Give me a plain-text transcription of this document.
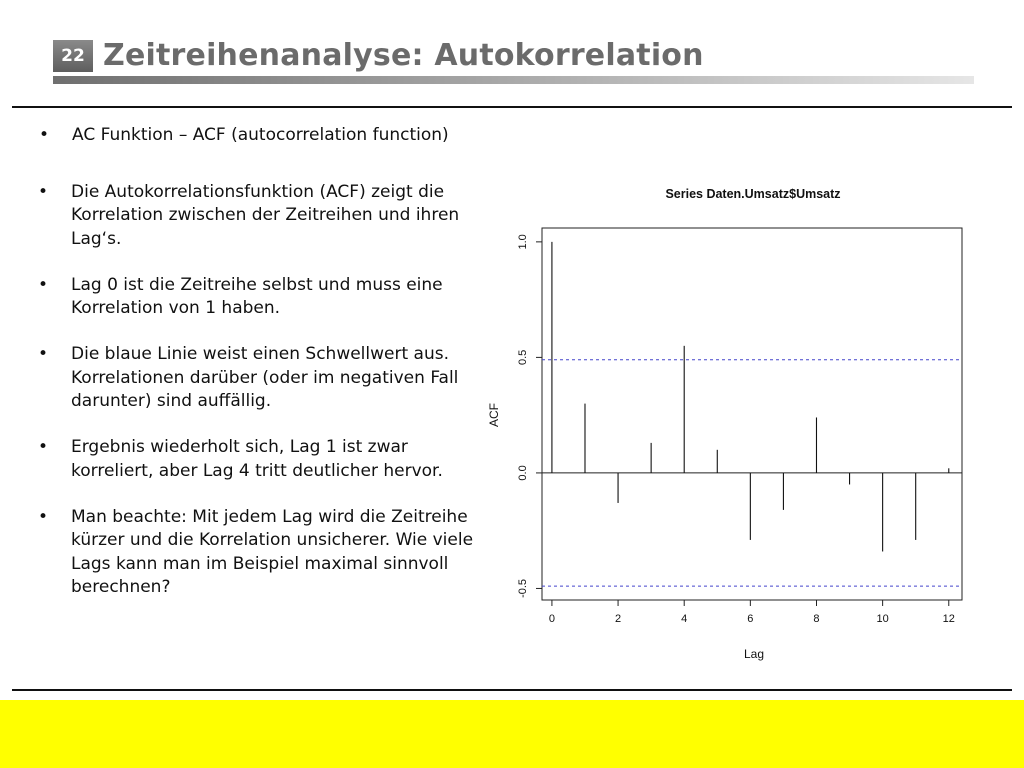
22 Zeitreihenanalyse: Autokorrelation
• AC Funktion – ACF (autocorrelation function)
• Die Autokorrelationsfunktion (ACF) zeigt die Korrelation zwischen der Zeitreihen und ihren Lag‘s.
• Lag 0 ist die Zeitreihe selbst und muss eine Korrelation von 1 haben.
• Die blaue Linie weist einen Schwellwert aus. Korrelationen darüber (oder im negativen Fall darunter) sind auffällig.
• Ergebnis wiederholt sich, Lag 1 ist zwar korreliert, aber Lag 4 tritt deutlicher hervor.
• Man beachte: Mit jedem Lag wird die Zeitreihe kürzer und die Korrelation unsicherer. Wie viele Lags kann man im Beispiel maximal sinnvoll berechnen?
Series Daten.Umsatz$Umsatz
0	2	4	6	8	10	12
-0.5
0.0
0.5
1.0
Lag
ACF
